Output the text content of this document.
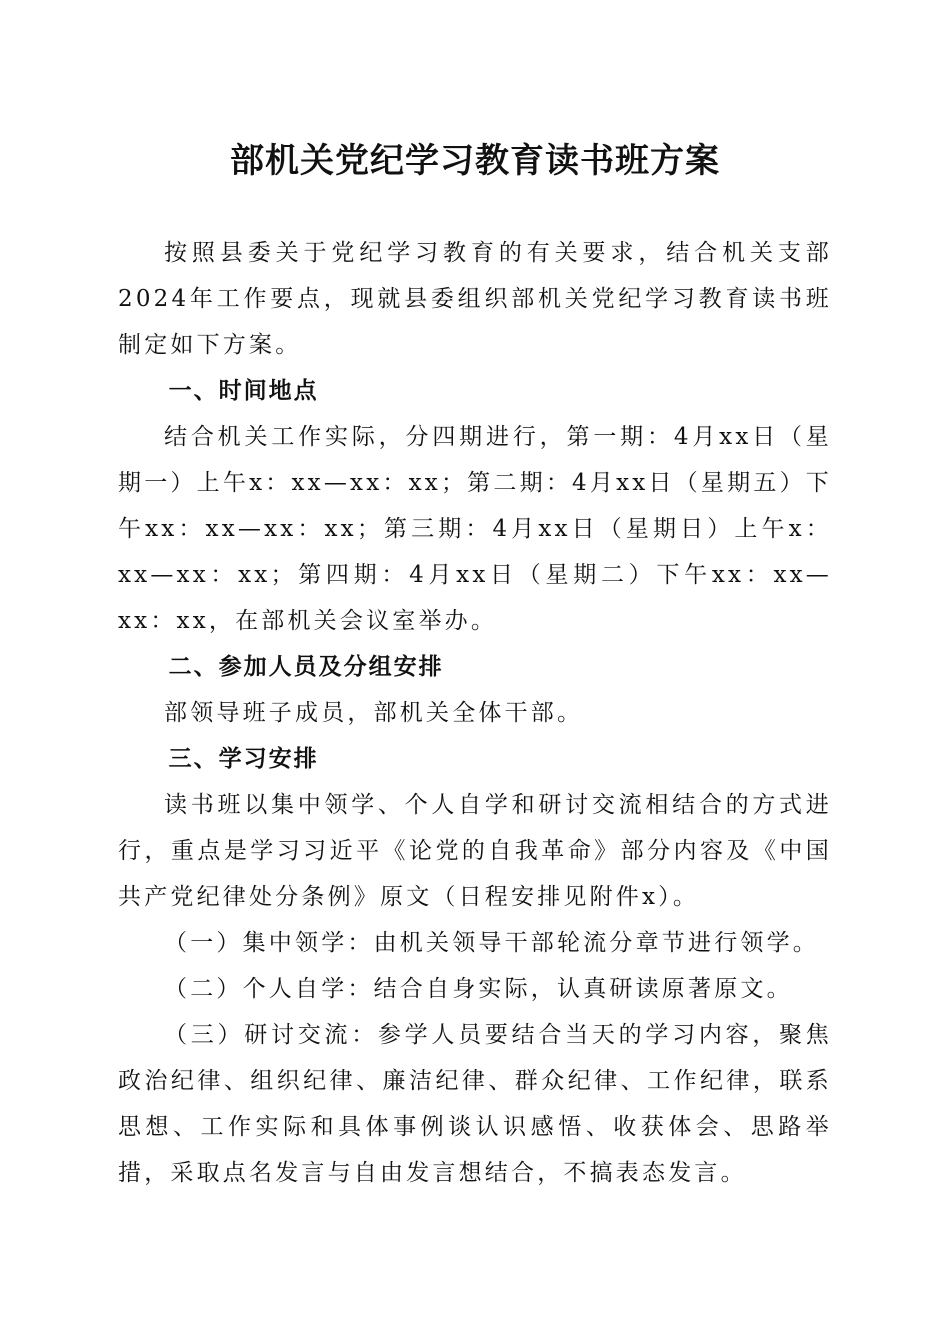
部机关党纪学习教育读书班方案

按照县委关于党纪学习教育的有关要求，结合机关支部2024年工作要点，现就县委组织部机关党纪学习教育读书班制定如下方案。

一、时间地点

结合机关工作实际，分四期进行，第一期：4月xx日（星期一）上午x：xx—xx：xx；第二期：4月xx日（星期五）下午xx：xx—xx：xx；第三期：4月xx日（星期日）上午x：xx—xx：xx；第四期：4月xx日（星期二）下午xx：xx—xx：xx，在部机关会议室举办。

二、参加人员及分组安排

部领导班子成员，部机关全体干部。

三、学习安排

读书班以集中领学、个人自学和研讨交流相结合的方式进行，重点是学习习近平《论党的自我革命》部分内容及《中国共产党纪律处分条例》原文（日程安排见附件x）。

（一）集中领学：由机关领导干部轮流分章节进行领学。

（二）个人自学：结合自身实际，认真研读原著原文。

（三）研讨交流：参学人员要结合当天的学习内容，聚焦政治纪律、组织纪律、廉洁纪律、群众纪律、工作纪律，联系思想、工作实际和具体事例谈认识感悟、收获体会、思路举措，采取点名发言与自由发言想结合，不搞表态发言。
